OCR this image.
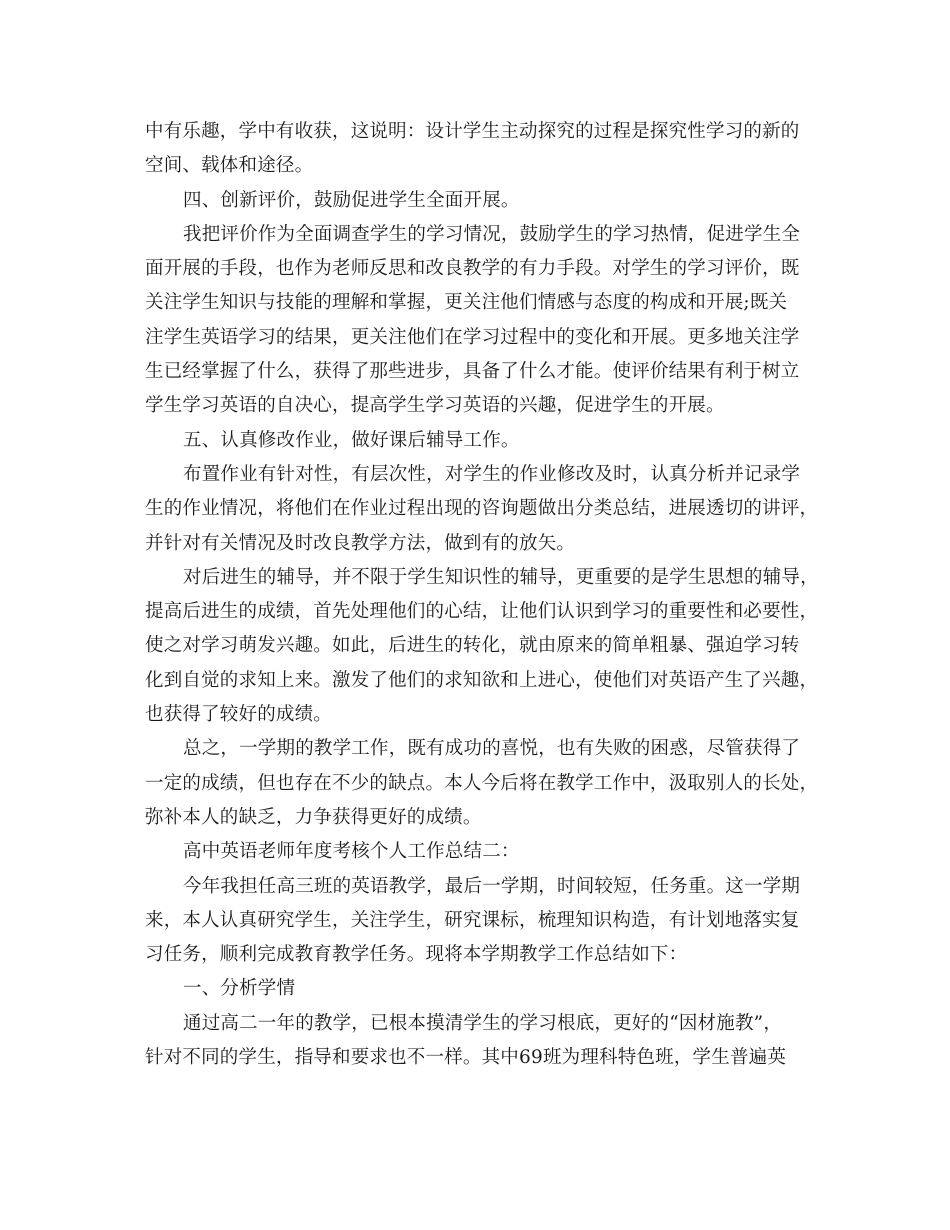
中有乐趣，学中有收获，这说明：设计学生主动探究的过程是探究性学习的新的
空间、载体和途径。
四、创新评价，鼓励促进学生全面开展。
我把评价作为全面调查学生的学习情况，鼓励学生的学习热情，促进学生全
面开展的手段，也作为老师反思和改良教学的有力手段。对学生的学习评价，既
关注学生知识与技能的理解和掌握，更关注他们情感与态度的构成和开展;既关
注学生英语学习的结果，更关注他们在学习过程中的变化和开展。更多地关注学
生已经掌握了什么，获得了那些进步，具备了什么才能。使评价结果有利于树立
学生学习英语的自决心，提高学生学习英语的兴趣，促进学生的开展。
五、认真修改作业，做好课后辅导工作。
布置作业有针对性，有层次性，对学生的作业修改及时，认真分析并记录学
生的作业情况，将他们在作业过程出现的咨询题做出分类总结，进展透切的讲评，
并针对有关情况及时改良教学方法，做到有的放矢。
对后进生的辅导，并不限于学生知识性的辅导，更重要的是学生思想的辅导，
提高后进生的成绩，首先处理他们的心结，让他们认识到学习的重要性和必要性，
使之对学习萌发兴趣。如此，后进生的转化，就由原来的简单粗暴、强迫学习转
化到自觉的求知上来。激发了他们的求知欲和上进心，使他们对英语产生了兴趣，
也获得了较好的成绩。
总之，一学期的教学工作，既有成功的喜悦，也有失败的困惑，尽管获得了
一定的成绩，但也存在不少的缺点。本人今后将在教学工作中，汲取别人的长处，
弥补本人的缺乏，力争获得更好的成绩。
高中英语老师年度考核个人工作总结二：
今年我担任高三班的英语教学，最后一学期，时间较短，任务重。这一学期
来，本人认真研究学生，关注学生，研究课标，梳理知识构造，有计划地落实复
习任务，顺利完成教育教学任务。现将本学期教学工作总结如下：
一、分析学情
通过高二一年的教学，已根本摸清学生的学习根底，更好的“因材施教”，
针对不同的学生，指导和要求也不一样。其中69班为理科特色班，学生普遍英
